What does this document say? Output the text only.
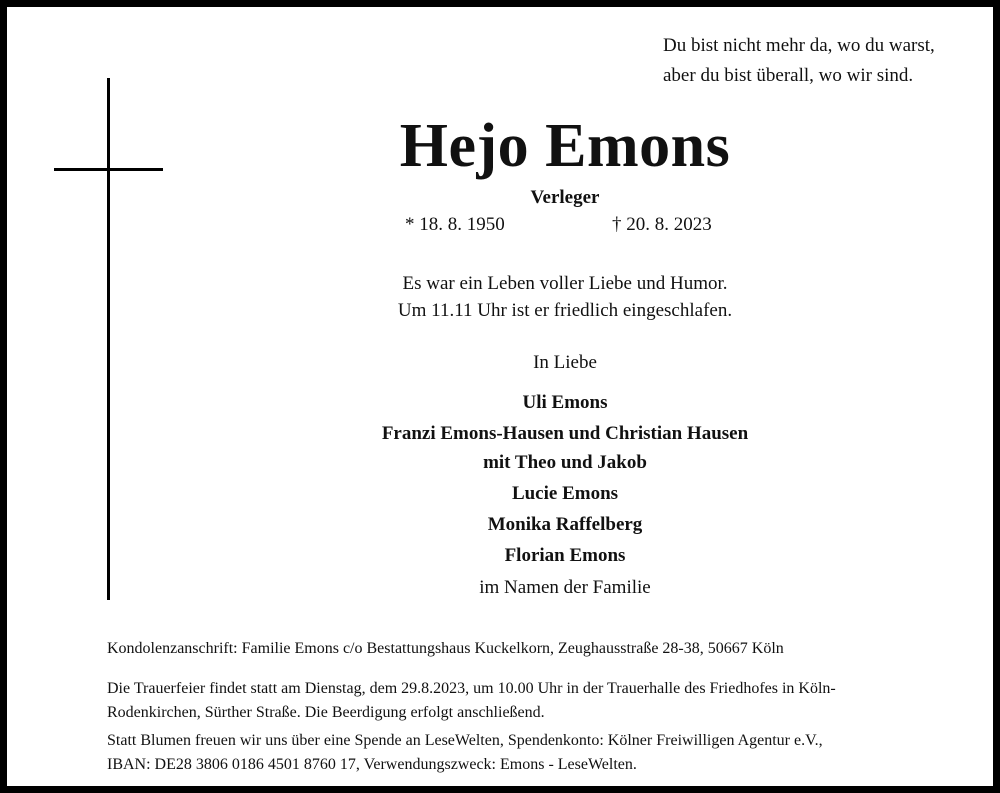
Du bist nicht mehr da, wo du warst,
aber du bist überall, wo wir sind.
Hejo Emons
Verleger
* 18. 8. 1950	† 20. 8. 2023
Es war ein Leben voller Liebe und Humor.
Um 11.11 Uhr ist er friedlich eingeschlafen.
In Liebe
Uli Emons
Franzi Emons-Hausen und Christian Hausen
mit Theo und Jakob
Lucie Emons
Monika Raffelberg
Florian Emons
im Namen der Familie
Kondolenzanschrift: Familie Emons c/o Bestattungshaus Kuckelkorn, Zeughausstraße 28-38, 50667 Köln
Die Trauerfeier findet statt am Dienstag, dem 29.8.2023, um 10.00 Uhr in der Trauerhalle des Friedhofes in Köln-
Rodenkirchen, Sürther Straße. Die Beerdigung erfolgt anschließend.
Statt Blumen freuen wir uns über eine Spende an LeseWelten, Spendenkonto: Kölner Freiwilligen Agentur e.V.,
IBAN: DE28 3806 0186 4501 8760 17, Verwendungszweck: Emons - LeseWelten.
